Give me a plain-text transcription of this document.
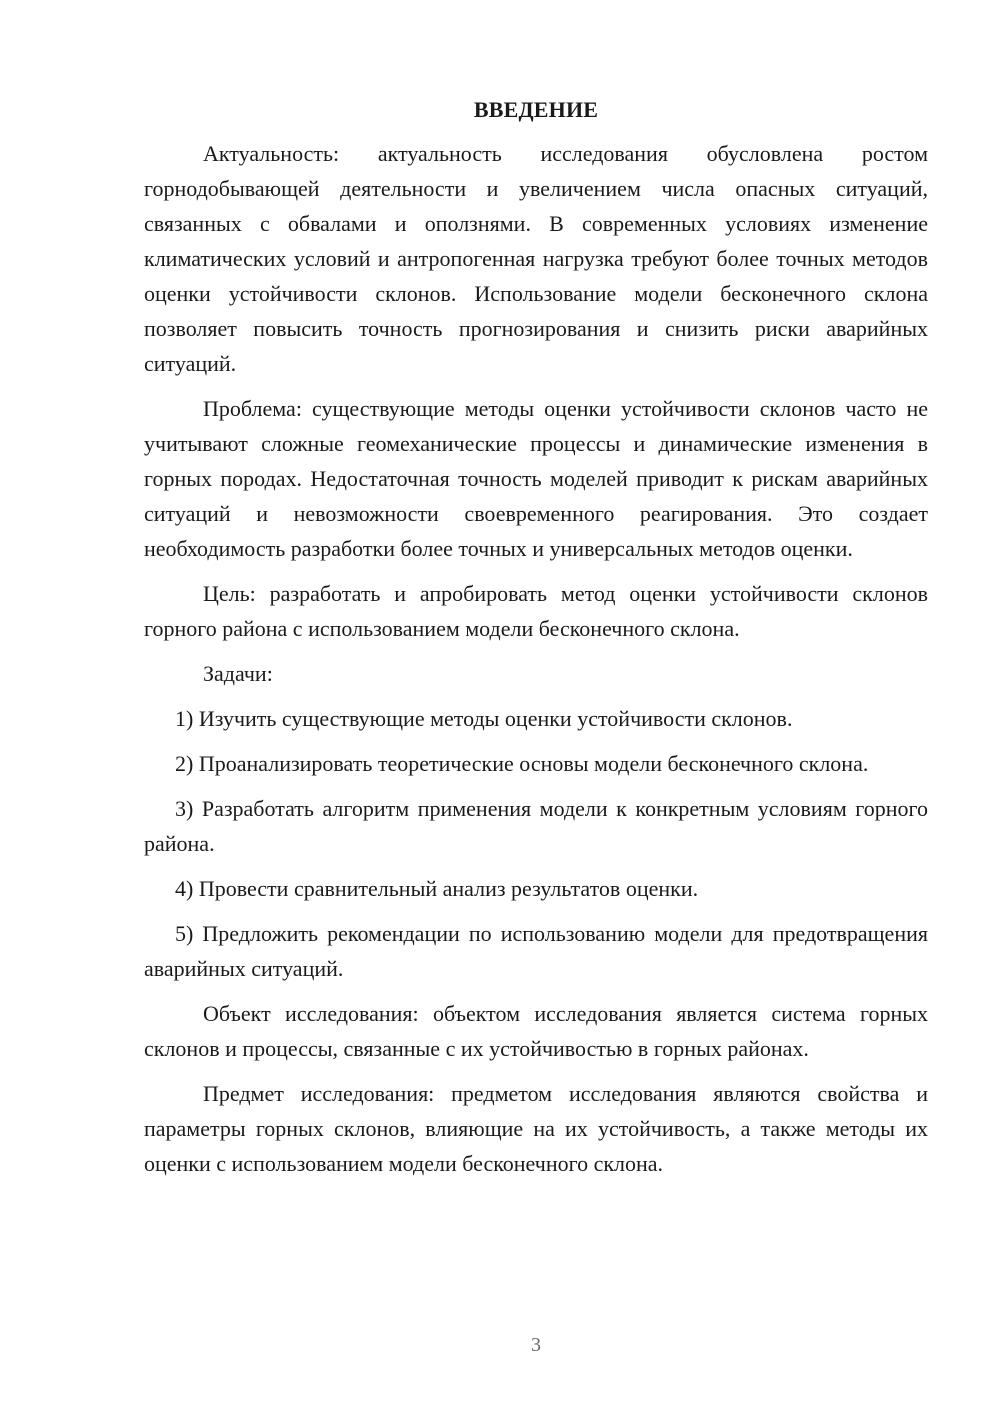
ВВЕДЕНИЕ

Актуальность: актуальность исследования обусловлена ростом горнодобывающей деятельности и увеличением числа опасных ситуаций, связанных с обвалами и оползнями. В современных условиях изменение климатических условий и антропогенная нагрузка требуют более точных методов оценки устойчивости склонов. Использование модели бесконечного склона позволяет повысить точность прогнозирования и снизить риски аварийных ситуаций.

Проблема: существующие методы оценки устойчивости склонов часто не учитывают сложные геомеханические процессы и динамические изменения в горных породах. Недостаточная точность моделей приводит к рискам аварийных ситуаций и невозможности своевременного реагирования. Это создает необходимость разработки более точных и универсальных методов оценки.

Цель: разработать и апробировать метод оценки устойчивости склонов горного района с использованием модели бесконечного склона.

Задачи:

1) Изучить существующие методы оценки устойчивости склонов.

2) Проанализировать теоретические основы модели бесконечного склона.

3) Разработать алгоритм применения модели к конкретным условиям горного района.

4) Провести сравнительный анализ результатов оценки.

5) Предложить рекомендации по использованию модели для предотвращения аварийных ситуаций.

Объект исследования: объектом исследования является система горных склонов и процессы, связанные с их устойчивостью в горных районах.

Предмет исследования: предметом исследования являются свойства и параметры горных склонов, влияющие на их устойчивость, а также методы их оценки с использованием модели бесконечного склона.

3
